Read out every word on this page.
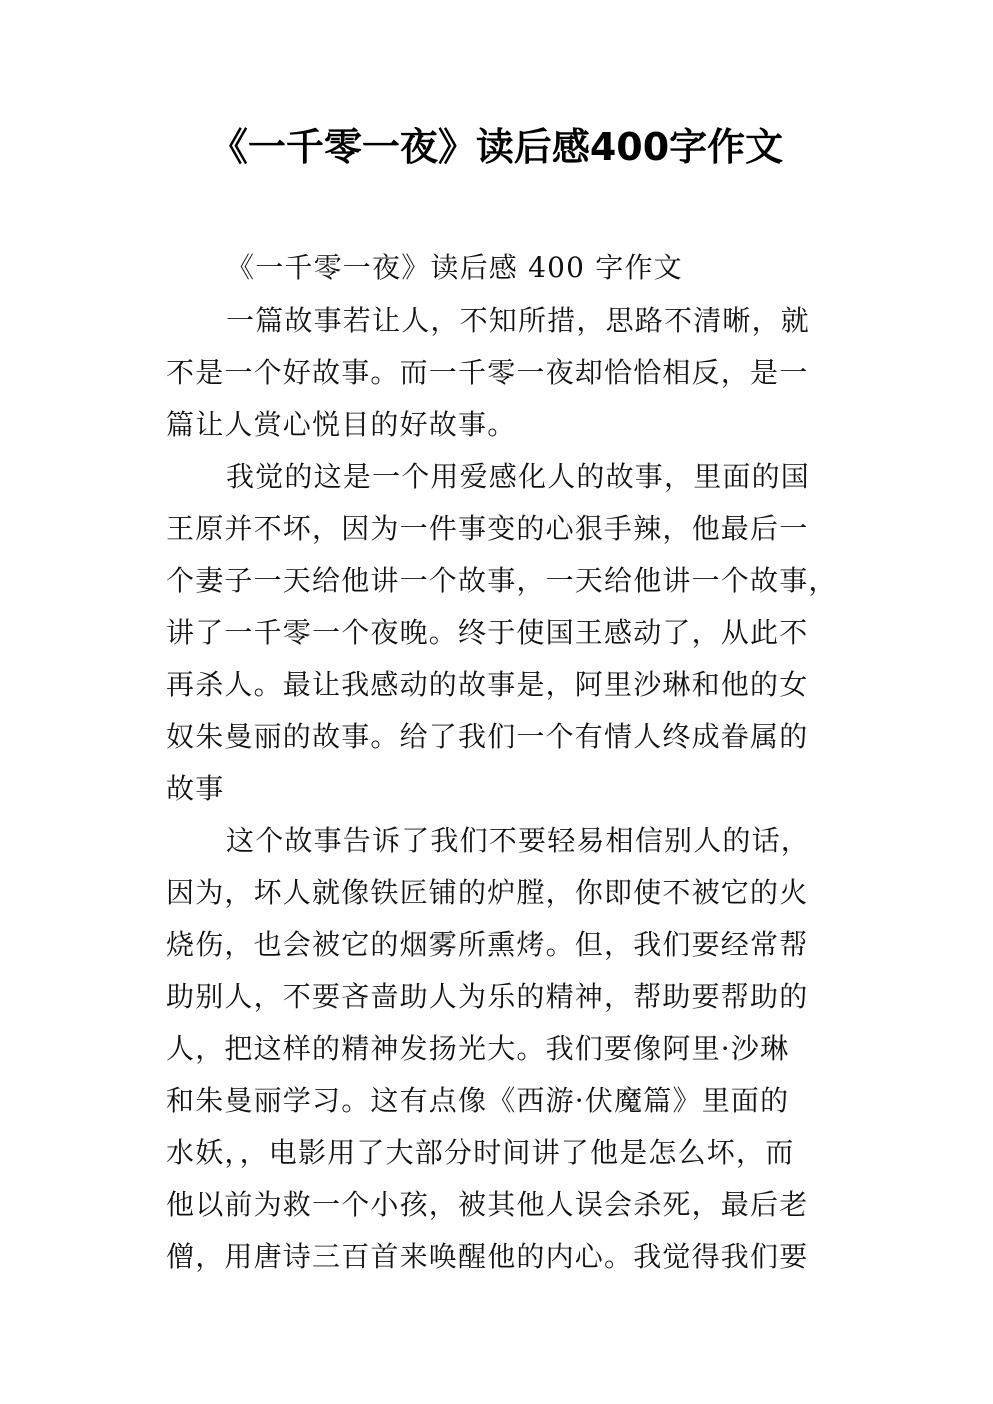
《一千零一夜》读后感400字作文
《一千零一夜》读后感 400 字作文
一篇故事若让人，不知所措，思路不清晰，就
不是一个好故事。而一千零一夜却恰恰相反，是一
篇让人赏心悦目的好故事。
我觉的这是一个用爱感化人的故事，里面的国
王原并不坏，因为一件事变的心狠手辣，他最后一
个妻子一天给他讲一个故事，一天给他讲一个故事，
讲了一千零一个夜晚。终于使国王感动了，从此不
再杀人。最让我感动的故事是，阿里沙琳和他的女
奴朱曼丽的故事。给了我们一个有情人终成眷属的
故事
这个故事告诉了我们不要轻易相信别人的话，
因为，坏人就像铁匠铺的炉膛，你即使不被它的火
烧伤，也会被它的烟雾所熏烤。但，我们要经常帮
助别人，不要吝啬助人为乐的精神，帮助要帮助的
人，把这样的精神发扬光大。我们要像阿里·沙琳
和朱曼丽学习。这有点像《西游·伏魔篇》里面的
水妖，，电影用了大部分时间讲了他是怎么坏，而
他以前为救一个小孩，被其他人误会杀死，最后老
僧，用唐诗三百首来唤醒他的内心。我觉得我们要
